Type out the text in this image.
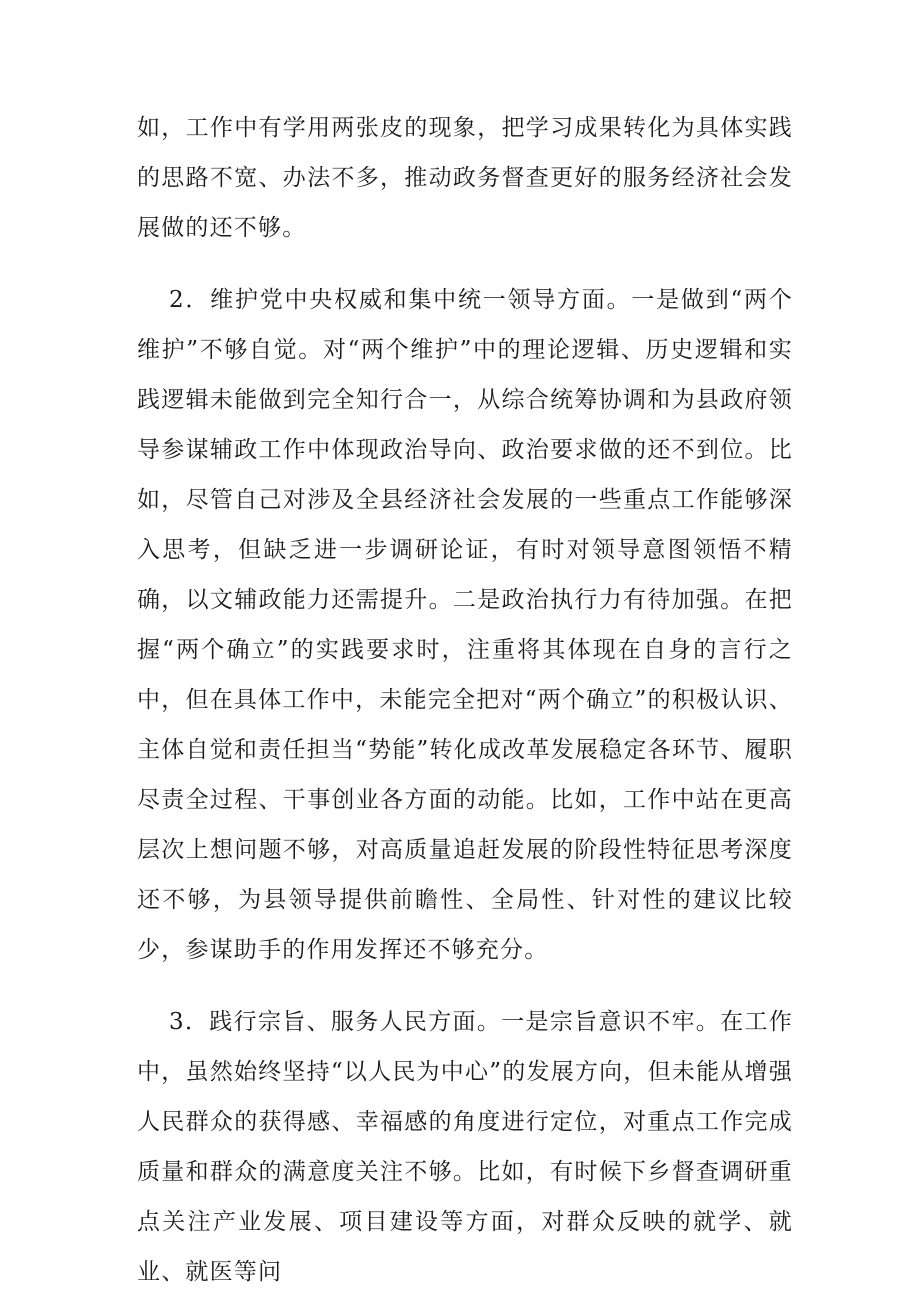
如，工作中有学用两张皮的现象，把学习成果转化为具体实践的思路不宽、办法不多，推动政务督查更好的服务经济社会发展做的还不够。

2．维护党中央权威和集中统一领导方面。一是做到“两个维护”不够自觉。对“两个维护”中的理论逻辑、历史逻辑和实践逻辑未能做到完全知行合一，从综合统筹协调和为县政府领导参谋辅政工作中体现政治导向、政治要求做的还不到位。比如，尽管自己对涉及全县经济社会发展的一些重点工作能够深入思考，但缺乏进一步调研论证，有时对领导意图领悟不精确，以文辅政能力还需提升。二是政治执行力有待加强。在把握“两个确立”的实践要求时，注重将其体现在自身的言行之中，但在具体工作中，未能完全把对“两个确立”的积极认识、主体自觉和责任担当“势能”转化成改革发展稳定各环节、履职尽责全过程、干事创业各方面的动能。比如，工作中站在更高层次上想问题不够，对高质量追赶发展的阶段性特征思考深度还不够，为县领导提供前瞻性、全局性、针对性的建议比较少，参谋助手的作用发挥还不够充分。

3．践行宗旨、服务人民方面。一是宗旨意识不牢。在工作中，虽然始终坚持“以人民为中心”的发展方向，但未能从增强人民群众的获得感、幸福感的角度进行定位，对重点工作完成质量和群众的满意度关注不够。比如，有时候下乡督查调研重点关注产业发展、项目建设等方面，对群众反映的就学、就业、就医等问
